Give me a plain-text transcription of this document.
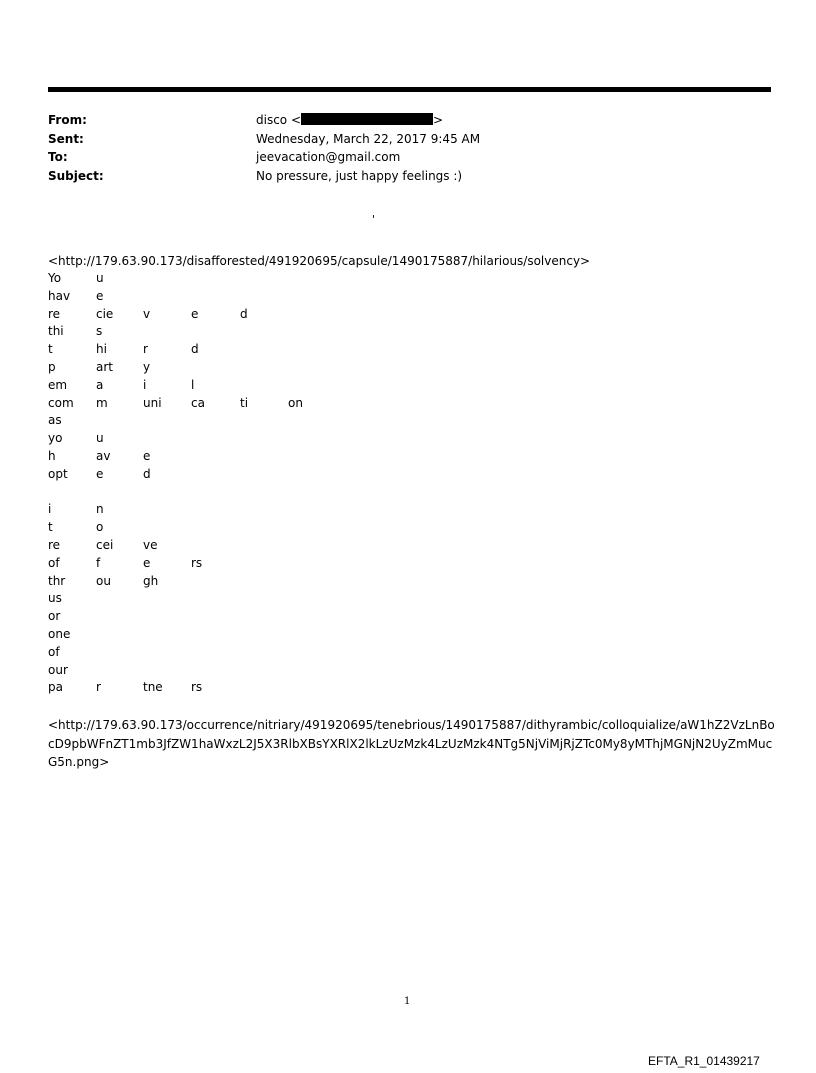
From:	disco <	>
Sent:	Wednesday, March 22, 2017 9:45 AM
To:	jeevacation@gmail.com
Subject:	No pressure, just happy feelings :)
'
<http://179.63.90.173/disafforested/491920695/capsule/1490175887/hilarious/solvency>
Yo	u
hav e
re	cie v	e	d
thi	s
t	hi	r	d
p	art	y
em a	i	l
com m	uni ca	ti	on
as
yo	u
h	av	e
opt e	d
i	n
t	o
re	cei ve
of	f	e	rs
thr	ou	gh
us
or
one
of
our
pa	r	tne rs
<http://179.63.90.173/occurrence/nitriary/491920695/tenebrious/1490175887/dithyrambic/colloquialize/aW1hZ2VzLnBocD9pbWFnZT1mb3JfZW1haWxzL2J5X3RlbXBsYXRlX2lkLzUzMzk4LzUzMzk4NTg5NjViMjRjZTc0My8yMThjMGNjN2UyZmMucG5n.png>
1
EFTA_R1_01439217
